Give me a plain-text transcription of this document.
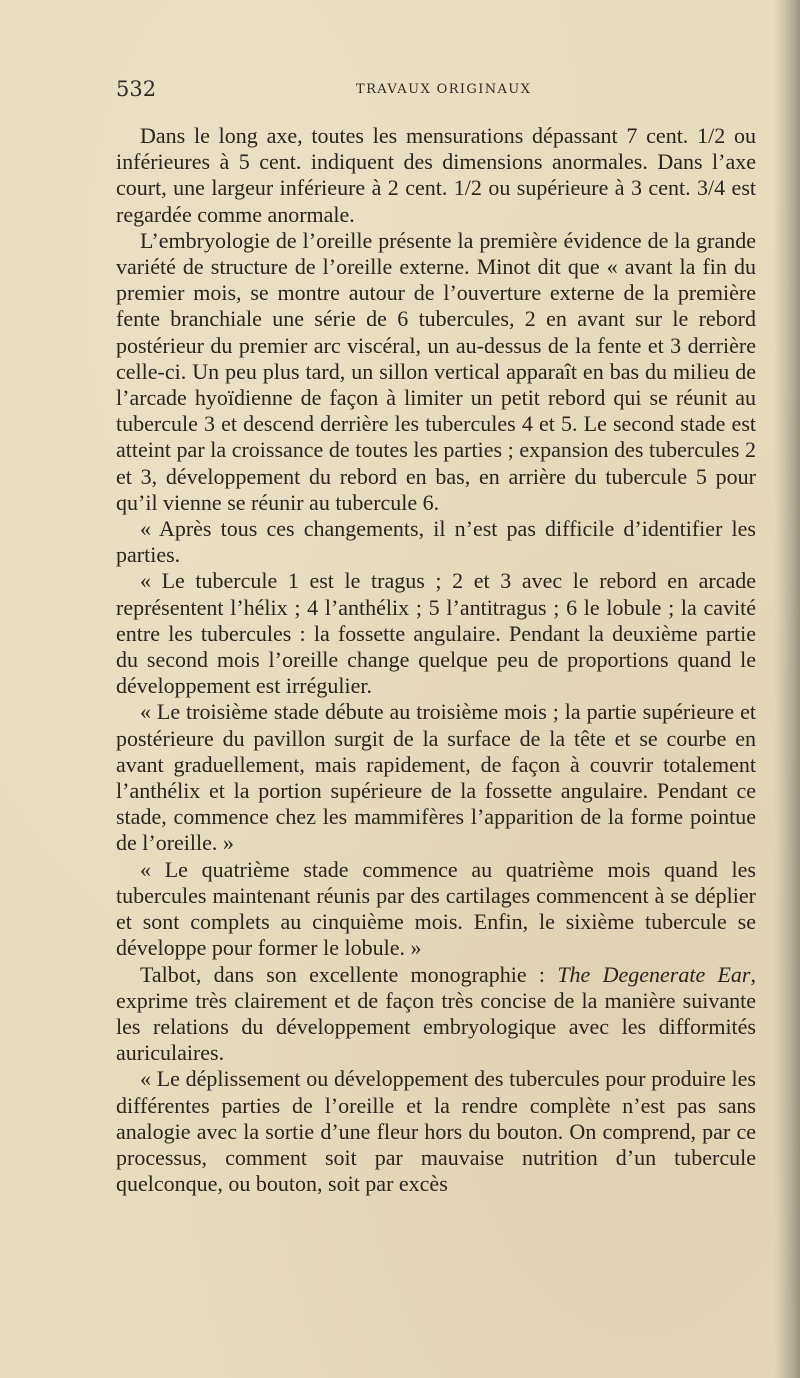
532	TRAVAUX ORIGINAUX

Dans le long axe, toutes les mensurations dépassant 7 cent. 1/2 ou inférieures à 5 cent. indiquent des dimensions anormales. Dans l’axe court, une largeur inférieure à 2 cent. 1/2 ou supérieure à 3 cent. 3/4 est regardée comme anormale.

L’embryologie de l’oreille présente la première évidence de la grande variété de structure de l’oreille externe. Minot dit que « avant la fin du premier mois, se montre autour de l’ouverture externe de la première fente branchiale une série de 6 tubercules, 2 en avant sur le rebord postérieur du premier arc viscéral, un au-dessus de la fente et 3 derrière celle-ci. Un peu plus tard, un sillon vertical apparaît en bas du milieu de l’arcade hyoïdienne de façon à limiter un petit rebord qui se réunit au tubercule 3 et descend derrière les tubercules 4 et 5. Le second stade est atteint par la croissance de toutes les parties ; expansion des tubercules 2 et 3, développement du rebord en bas, en arrière du tubercule 5 pour qu’il vienne se réunir au tubercule 6.

« Après tous ces changements, il n’est pas difficile d’identifier les parties.

« Le tubercule 1 est le tragus ; 2 et 3 avec le rebord en arcade représentent l’hélix ; 4 l’anthélix ; 5 l’antitragus ; 6 le lobule ; la cavité entre les tubercules : la fossette angulaire. Pendant la deuxième partie du second mois l’oreille change quelque peu de proportions quand le développement est irrégulier.

« Le troisième stade débute au troisième mois ; la partie supérieure et postérieure du pavillon surgit de la surface de la tête et se courbe en avant graduellement, mais rapidement, de façon à couvrir totalement l’anthélix et la portion supérieure de la fossette angulaire. Pendant ce stade, commence chez les mammifères l’apparition de la forme pointue de l’oreille. »

« Le quatrième stade commence au quatrième mois quand les tubercules maintenant réunis par des cartilages commencent à se déplier et sont complets au cinquième mois. Enfin, le sixième tubercule se développe pour former le lobule. »

Talbot, dans son excellente monographie : The Degenerate Ear, exprime très clairement et de façon très concise de la manière suivante les relations du développement embryologique avec les difformités auriculaires.

« Le déplissement ou développement des tubercules pour produire les différentes parties de l’oreille et la rendre complète n’est pas sans analogie avec la sortie d’une fleur hors du bouton. On comprend, par ce processus, comment soit par mauvaise nutrition d’un tubercule quelconque, ou bouton, soit par excès
